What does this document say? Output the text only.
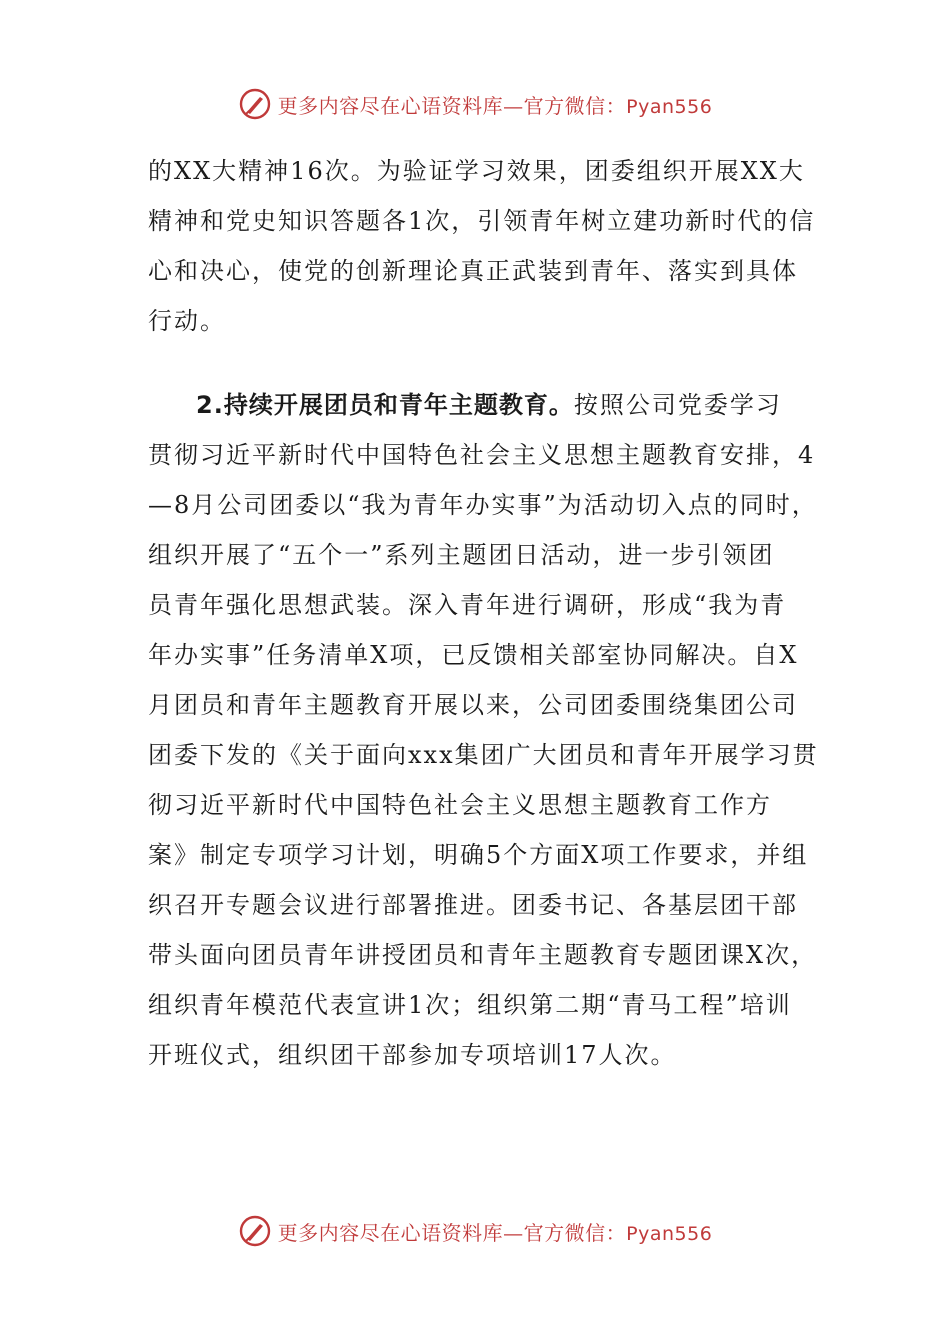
更多内容尽在心语资料库—官方微信：Pyan556
的XX大精神16次。为验证学习效果，团委组织开展XX大
精神和党史知识答题各1次，引领青年树立建功新时代的信
心和决心，使党的创新理论真正武装到青年、落实到具体
行动。
2.持续开展团员和青年主题教育。按照公司党委学习
贯彻习近平新时代中国特色社会主义思想主题教育安排，4
—8月公司团委以“我为青年办实事”为活动切入点的同时，
组织开展了“五个一”系列主题团日活动，进一步引领团
员青年强化思想武装。深入青年进行调研，形成“我为青
年办实事”任务清单X项，已反馈相关部室协同解决。自X
月团员和青年主题教育开展以来，公司团委围绕集团公司
团委下发的《关于面向xxx集团广大团员和青年开展学习贯
彻习近平新时代中国特色社会主义思想主题教育工作方
案》制定专项学习计划，明确5个方面X项工作要求，并组
织召开专题会议进行部署推进。团委书记、各基层团干部
带头面向团员青年讲授团员和青年主题教育专题团课X次，
组织青年模范代表宣讲1次；组织第二期“青马工程”培训
开班仪式，组织团干部参加专项培训17人次。
更多内容尽在心语资料库—官方微信：Pyan556
